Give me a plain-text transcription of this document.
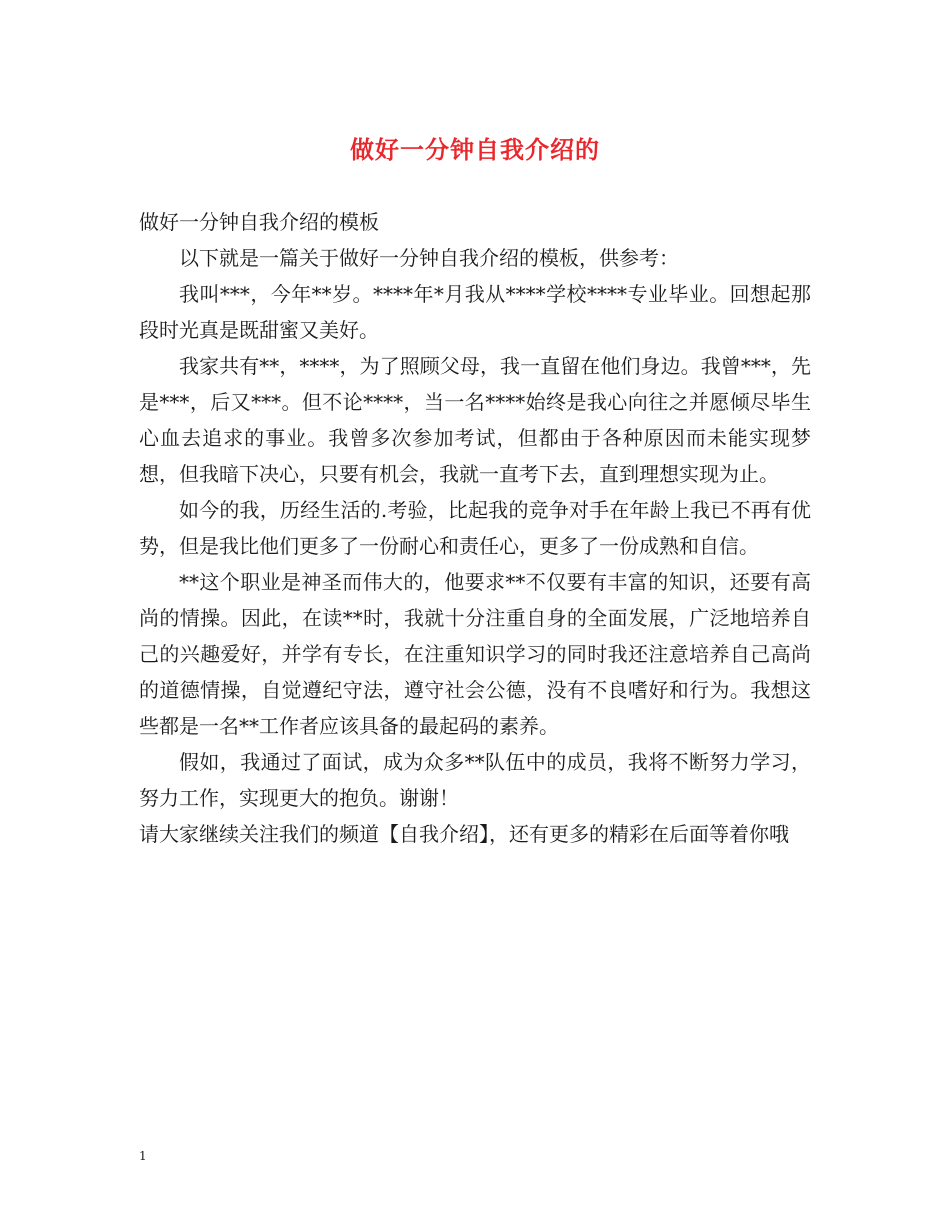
做好一分钟自我介绍的

做好一分钟自我介绍的模板

以下就是一篇关于做好一分钟自我介绍的模板，供参考：

我叫***，今年**岁。****年*月我从****学校****专业毕业。回想起那段时光真是既甜蜜又美好。

我家共有**，****，为了照顾父母，我一直留在他们身边。我曾***，先是***，后又***。但不论****，当一名****始终是我心向往之并愿倾尽毕生心血去追求的事业。我曾多次参加考试，但都由于各种原因而未能实现梦想，但我暗下决心，只要有机会，我就一直考下去，直到理想实现为止。

如今的我，历经生活的.考验，比起我的竞争对手在年龄上我已不再有优势，但是我比他们更多了一份耐心和责任心，更多了一份成熟和自信。

**这个职业是神圣而伟大的，他要求**不仅要有丰富的知识，还要有高尚的情操。因此，在读**时，我就十分注重自身的全面发展，广泛地培养自己的兴趣爱好，并学有专长，在注重知识学习的同时我还注意培养自己高尚的道德情操，自觉遵纪守法，遵守社会公德，没有不良嗜好和行为。我想这些都是一名**工作者应该具备的最起码的素养。

假如，我通过了面试，成为众多**队伍中的成员，我将不断努力学习，努力工作，实现更大的抱负。谢谢！

请大家继续关注我们的频道【自我介绍】，还有更多的精彩在后面等着你哦

1
